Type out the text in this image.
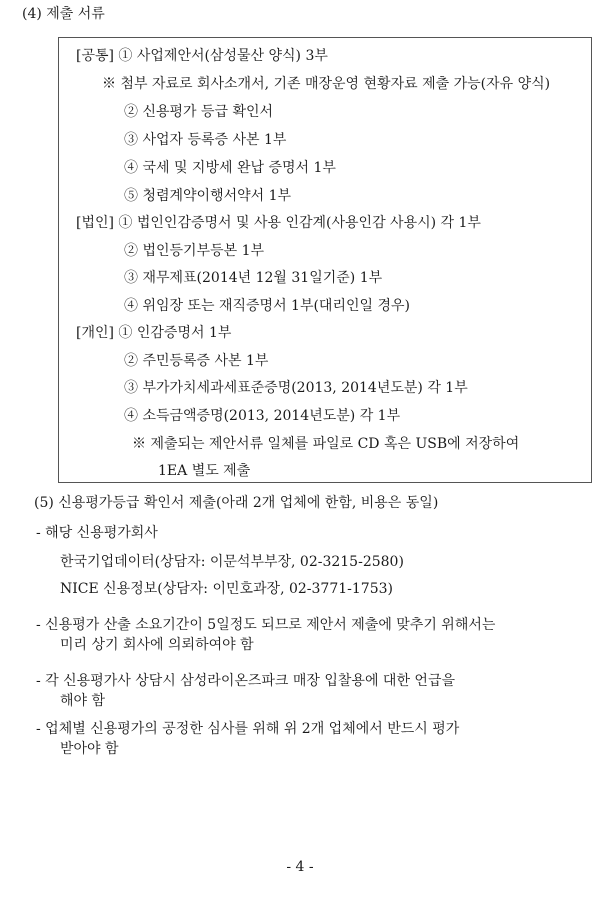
(4) 제출 서류
[공통] ① 사업제안서(삼성물산 양식) 3부
※ 첨부 자료로 회사소개서, 기존 매장운영 현황자료 제출 가능(자유 양식)
② 신용평가 등급 확인서
③ 사업자 등록증 사본 1부
④ 국세 및 지방세 완납 증명서 1부
⑤ 청렴계약이행서약서 1부
[법인] ① 법인인감증명서 및 사용 인감계(사용인감 사용시) 각 1부
② 법인등기부등본 1부
③ 재무제표(2014년 12월 31일기준) 1부
④ 위임장 또는 재직증명서 1부(대리인일 경우)
[개인] ① 인감증명서 1부
② 주민등록증 사본 1부
③ 부가가치세과세표준증명(2013, 2014년도분) 각 1부
④ 소득금액증명(2013, 2014년도분) 각 1부
※ 제출되는 제안서류 일체를 파일로 CD 혹은 USB에 저장하여
1EA 별도 제출
(5) 신용평가등급 확인서 제출(아래 2개 업체에 한함, 비용은 동일)
- 해당 신용평가회사
한국기업데이터(상담자: 이문석부부장, 02-3215-2580)
NICE 신용정보(상담자: 이민호과장, 02-3771-1753)
- 신용평가 산출 소요기간이 5일정도 되므로 제안서 제출에 맞추기 위해서는
미리 상기 회사에 의뢰하여야 함
- 각 신용평가사 상담시 삼성라이온즈파크 매장 입찰용에 대한 언급을
해야 함
- 업체별 신용평가의 공정한 심사를 위해 위 2개 업체에서 반드시 평가
받아야 함
- 4 -
